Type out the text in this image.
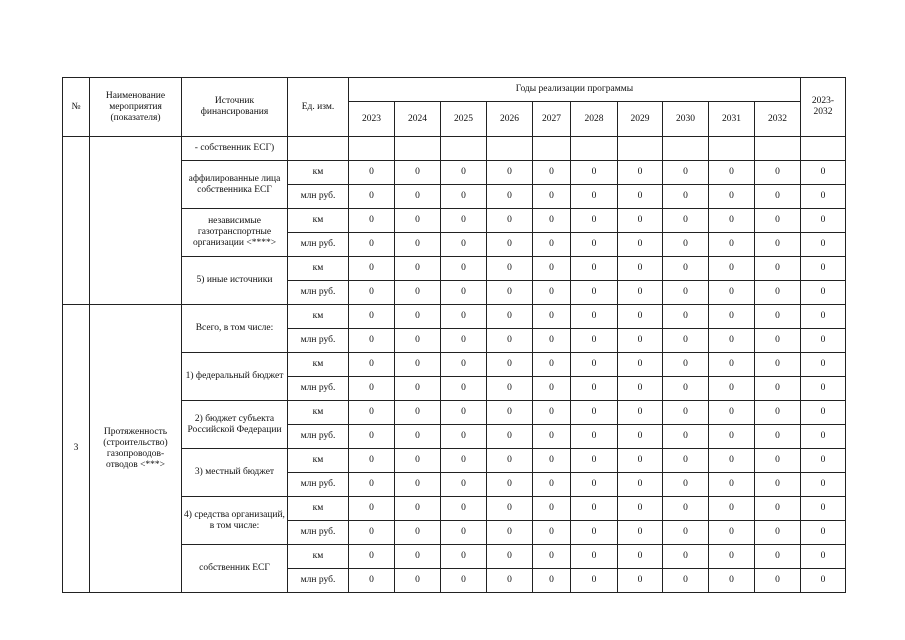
№	Наименование мероприятия (показателя)	Источник финансирования	Ед. изм.	Годы реализации программы										2023-2032
				2023	2024	2025	2026	2027	2028	2029	2030	2031	2032	
		- собственник ЕСГ)												
		аффилированные лица собственника ЕСГ	км	0	0	0	0	0	0	0	0	0	0	0
			млн руб.	0	0	0	0	0	0	0	0	0	0	0
		независимые газотранспортные организации <****>	км	0	0	0	0	0	0	0	0	0	0	0
			млн руб.	0	0	0	0	0	0	0	0	0	0	0
		5) иные источники	км	0	0	0	0	0	0	0	0	0	0	0
			млн руб.	0	0	0	0	0	0	0	0	0	0	0
3	Протяженность (строительство) газопроводов-отводов <***>	Всего, в том числе:	км	0	0	0	0	0	0	0	0	0	0	0
			млн руб.	0	0	0	0	0	0	0	0	0	0	0
		1) федеральный бюджет	км	0	0	0	0	0	0	0	0	0	0	0
			млн руб.	0	0	0	0	0	0	0	0	0	0	0
		2) бюджет субъекта Российской Федерации	км	0	0	0	0	0	0	0	0	0	0	0
			млн руб.	0	0	0	0	0	0	0	0	0	0	0
		3) местный бюджет	км	0	0	0	0	0	0	0	0	0	0	0
			млн руб.	0	0	0	0	0	0	0	0	0	0	0
		4) средства организаций, в том числе:	км	0	0	0	0	0	0	0	0	0	0	0
			млн руб.	0	0	0	0	0	0	0	0	0	0	0
		собственник ЕСГ	км	0	0	0	0	0	0	0	0	0	0	0
			млн руб.	0	0	0	0	0	0	0	0	0	0	0
